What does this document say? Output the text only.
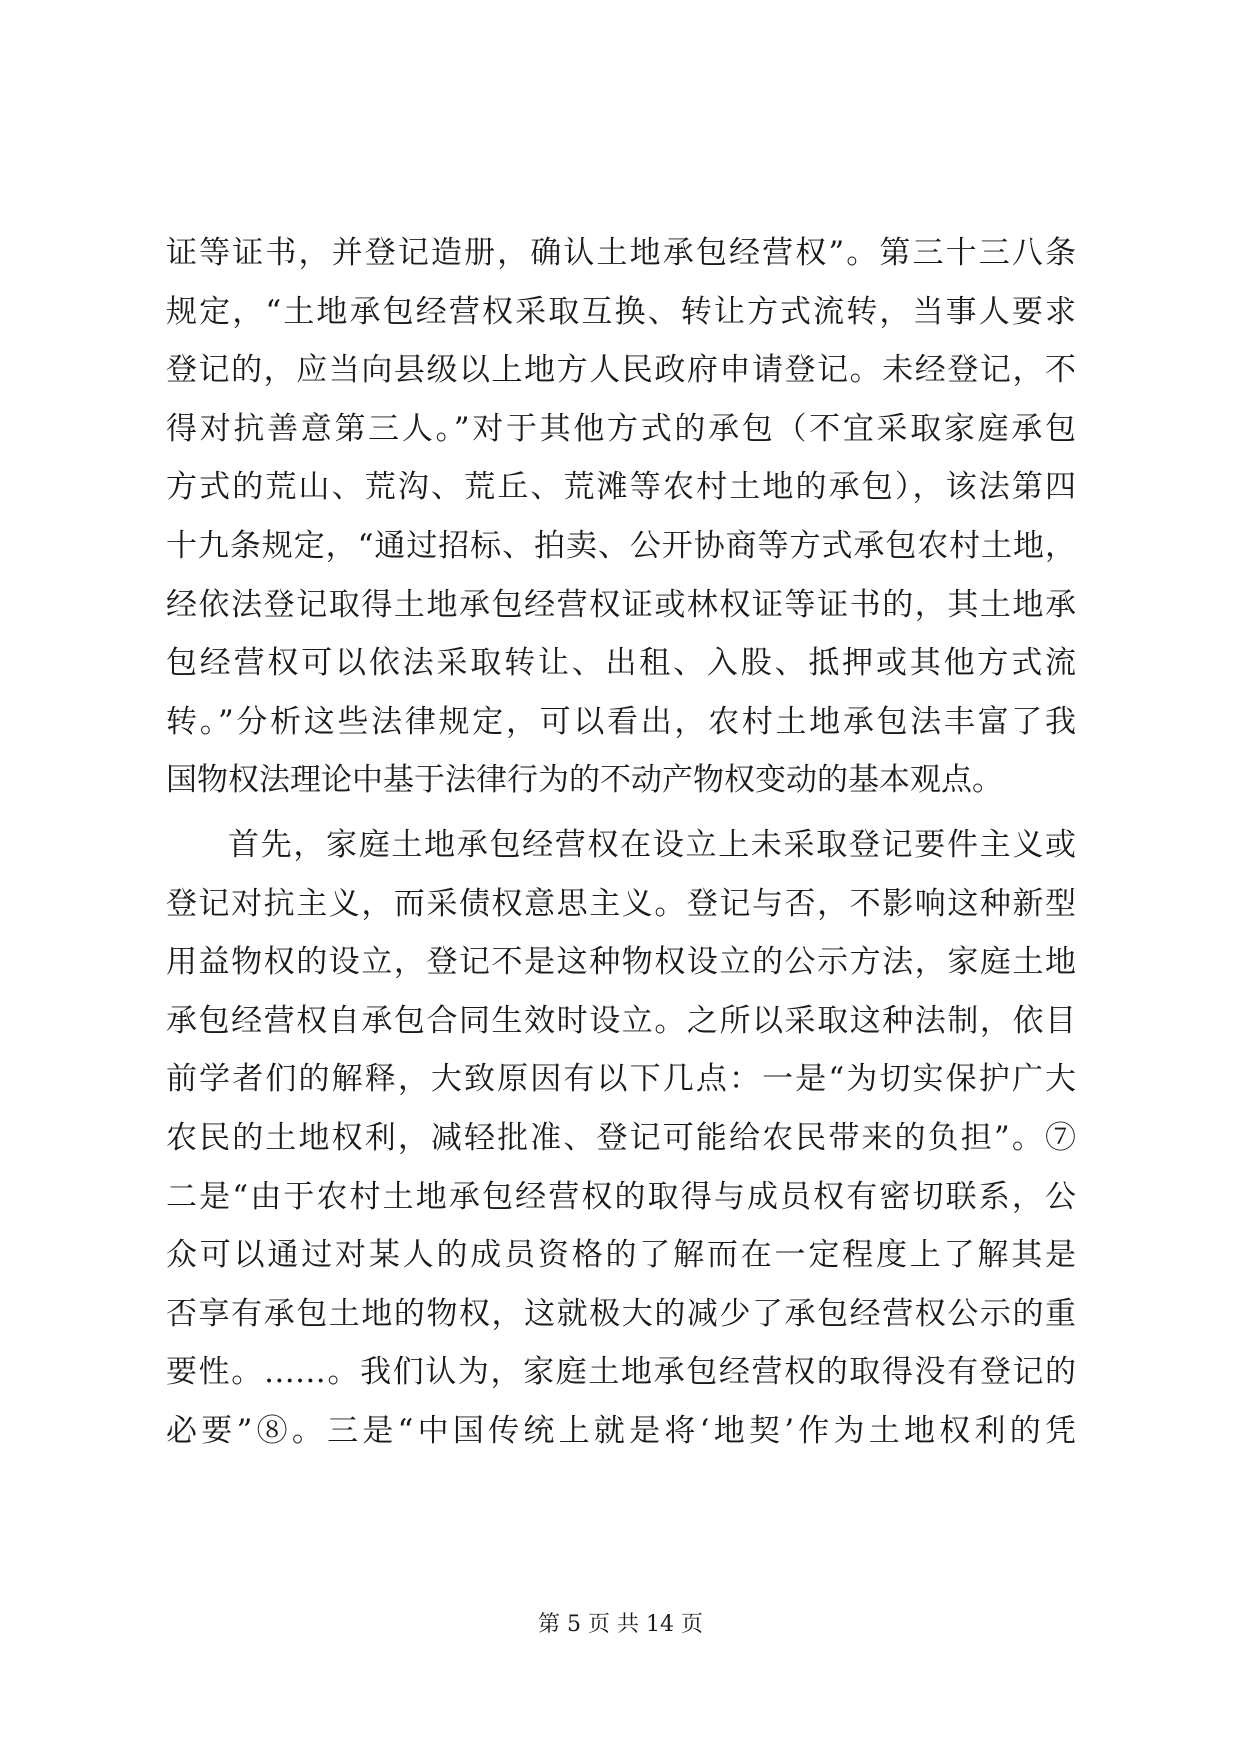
证等证书，并登记造册，确认土地承包经营权”。第三十三八条
规定，“土地承包经营权采取互换、转让方式流转，当事人要求
登记的，应当向县级以上地方人民政府申请登记。未经登记，不
得对抗善意第三人。”对于其他方式的承包（不宜采取家庭承包
方式的荒山、荒沟、荒丘、荒滩等农村土地的承包），该法第四
十九条规定，“通过招标、拍卖、公开协商等方式承包农村土地，
经依法登记取得土地承包经营权证或林权证等证书的，其土地承
包经营权可以依法采取转让、出租、入股、抵押或其他方式流
转。”分析这些法律规定，可以看出，农村土地承包法丰富了我
国物权法理论中基于法律行为的不动产物权变动的基本观点。
首先，家庭土地承包经营权在设立上未采取登记要件主义或
登记对抗主义，而采债权意思主义。登记与否，不影响这种新型
用益物权的设立，登记不是这种物权设立的公示方法，家庭土地
承包经营权自承包合同生效时设立。之所以采取这种法制，依目
前学者们的解释，大致原因有以下几点：一是“为切实保护广大
农民的土地权利，减轻批准、登记可能给农民带来的负担”。⑦
二是“由于农村土地承包经营权的取得与成员权有密切联系，公
众可以通过对某人的成员资格的了解而在一定程度上了解其是
否享有承包土地的物权，这就极大的减少了承包经营权公示的重
要性。……。我们认为，家庭土地承包经营权的取得没有登记的
必要”⑧。三是“中国传统上就是将‘地契’作为土地权利的凭
第 5 页 共 14 页
